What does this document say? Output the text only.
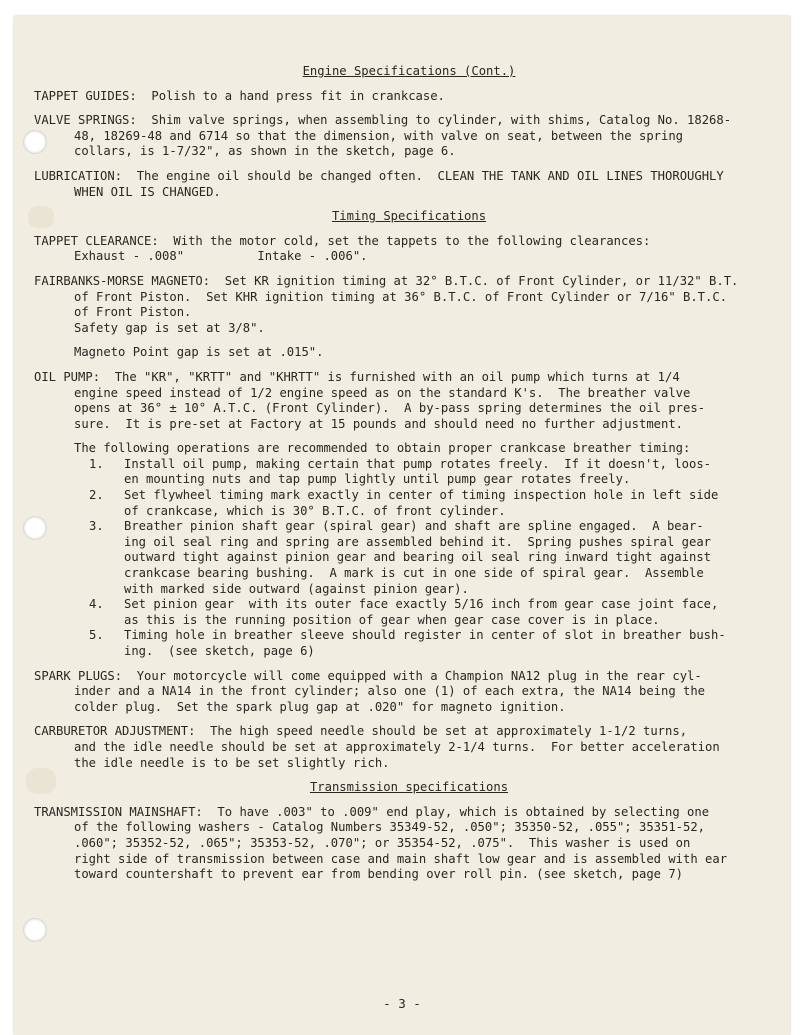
Engine Specifications (Cont.)
TAPPET GUIDES:  Polish to a hand press fit in crankcase.
VALVE SPRINGS:  Shim valve springs, when assembling to cylinder, with shims, Catalog No. 18268-
48, 18269-48 and 6714 so that the dimension, with valve on seat, between the spring
collars, is 1-7/32", as shown in the sketch, page 6.
LUBRICATION:  The engine oil should be changed often.  CLEAN THE TANK AND OIL LINES THOROUGHLY
WHEN OIL IS CHANGED.
Timing Specifications
TAPPET CLEARANCE:  With the motor cold, set the tappets to the following clearances:
Exhaust - .008"          Intake - .006".
FAIRBANKS-MORSE MAGNETO:  Set KR ignition timing at 32° B.T.C. of Front Cylinder, or 11/32" B.T.
of Front Piston.  Set KHR ignition timing at 36° B.T.C. of Front Cylinder or 7/16" B.T.C.
of Front Piston.
Safety gap is set at 3/8".
Magneto Point gap is set at .015".
OIL PUMP:  The "KR", "KRTT" and "KHRTT" is furnished with an oil pump which turns at 1/4
engine speed instead of 1/2 engine speed as on the standard K's.  The breather valve
opens at 36° ± 10° A.T.C. (Front Cylinder).  A by-pass spring determines the oil pres-
sure.  It is pre-set at Factory at 15 pounds and should need no further adjustment.
The following operations are recommended to obtain proper crankcase breather timing:
1.	Install oil pump, making certain that pump rotates freely.  If it doesn't, loos-
en mounting nuts and tap pump lightly until pump gear rotates freely.
2.	Set flywheel timing mark exactly in center of timing inspection hole in left side
of crankcase, which is 30° B.T.C. of front cylinder.
3.	Breather pinion shaft gear (spiral gear) and shaft are spline engaged.  A bear-
ing oil seal ring and spring are assembled behind it.  Spring pushes spiral gear
outward tight against pinion gear and bearing oil seal ring inward tight against
crankcase bearing bushing.  A mark is cut in one side of spiral gear.  Assemble
with marked side outward (against pinion gear).
4.	Set pinion gear  with its outer face exactly 5/16 inch from gear case joint face,
as this is the running position of gear when gear case cover is in place.
5.	Timing hole in breather sleeve should register in center of slot in breather bush-
ing.  (see sketch, page 6)
SPARK PLUGS:  Your motorcycle will come equipped with a Champion NA12 plug in the rear cyl-
inder and a NA14 in the front cylinder; also one (1) of each extra, the NA14 being the
colder plug.  Set the spark plug gap at .020" for magneto ignition.
CARBURETOR ADJUSTMENT:  The high speed needle should be set at approximately 1-1/2 turns,
and the idle needle should be set at approximately 2-1/4 turns.  For better acceleration
the idle needle is to be set slightly rich.
Transmission specifications
TRANSMISSION MAINSHAFT:  To have .003" to .009" end play, which is obtained by selecting one
of the following washers - Catalog Numbers 35349-52, .050"; 35350-52, .055"; 35351-52,
.060"; 35352-52, .065"; 35353-52, .070"; or 35354-52, .075".  This washer is used on
right side of transmission between case and main shaft low gear and is assembled with ear
toward countershaft to prevent ear from bending over roll pin. (see sketch, page 7)
- 3 -
